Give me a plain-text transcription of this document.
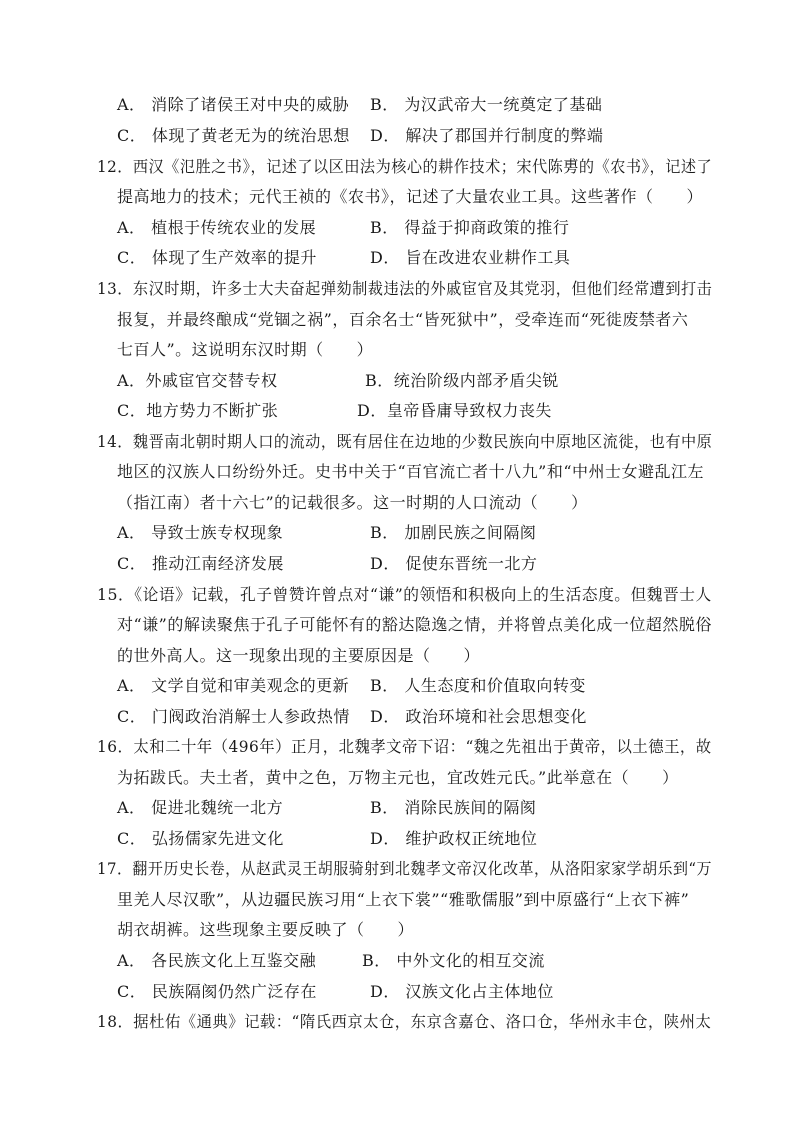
A． 消除了诸侯王对中央的威胁 B． 为汉武帝大一统奠定了基础
C． 体现了黄老无为的统治思想 D． 解决了郡国并行制度的弊端
12．西汉《氾胜之书》，记述了以区田法为核心的耕作技术；宋代陈旉的《农书》，记述了
提高地力的技术；元代王祯的《农书》，记述了大量农业工具。这些著作（　　）
A． 植根于传统农业的发展	B． 得益于抑商政策的推行
C． 体现了生产效率的提升	D． 旨在改进农业耕作工具
13．东汉时期，许多士大夫奋起弹劾制裁违法的外戚宦官及其党羽，但他们经常遭到打击
报复，并最终酿成“党锢之祸”，百余名士“皆死狱中”，受牵连而“死徙废禁者六
七百人”。这说明东汉时期（　　）
A．外戚宦官交替专权	B．统治阶级内部矛盾尖锐
C．地方势力不断扩张	D．皇帝昏庸导致权力丧失
14．魏晋南北朝时期人口的流动，既有居住在边地的少数民族向中原地区流徙，也有中原
地区的汉族人口纷纷外迁。史书中关于“百官流亡者十八九”和“中州士女避乱江左
（指江南）者十六七”的记载很多。这一时期的人口流动（　　）
A． 导致士族专权现象	B． 加剧民族之间隔阂
C． 推动江南经济发展	D． 促使东晋统一北方
15．《论语》记载，孔子曾赞许曾点对“谦”的领悟和积极向上的生活态度。但魏晋士人
对“谦”的解读聚焦于孔子可能怀有的豁达隐逸之情，并将曾点美化成一位超然脱俗
的世外高人。这一现象出现的主要原因是（　　）
A． 文学自觉和审美观念的更新 B． 人生态度和价值取向转变
C． 门阀政治消解士人参政热情 D． 政治环境和社会思想变化
16．太和二十年（496年）正月，北魏孝文帝下诏：“魏之先祖出于黄帝，以土德王，故
为拓跋氏。夫土者，黄中之色，万物主元也，宜改姓元氏。”此举意在（　　）
A． 促进北魏统一北方	B． 消除民族间的隔阂
C． 弘扬儒家先进文化	D． 维护政权正统地位
17．翻开历史长卷，从赵武灵王胡服骑射到北魏孝文帝汉化改革，从洛阳家家学胡乐到“万
里羌人尽汉歌”，从边疆民族习用“上衣下裳”“雅歌儒服”到中原盛行“上衣下裤”
胡衣胡裤。这些现象主要反映了（　　）
A． 各民族文化上互鉴交融	B． 中外文化的相互交流
C． 民族隔阂仍然广泛存在	D． 汉族文化占主体地位
18．据杜佑《通典》记载：“隋氏西京太仓，东京含嘉仓、洛口仓，华州永丰仓，陕州太
